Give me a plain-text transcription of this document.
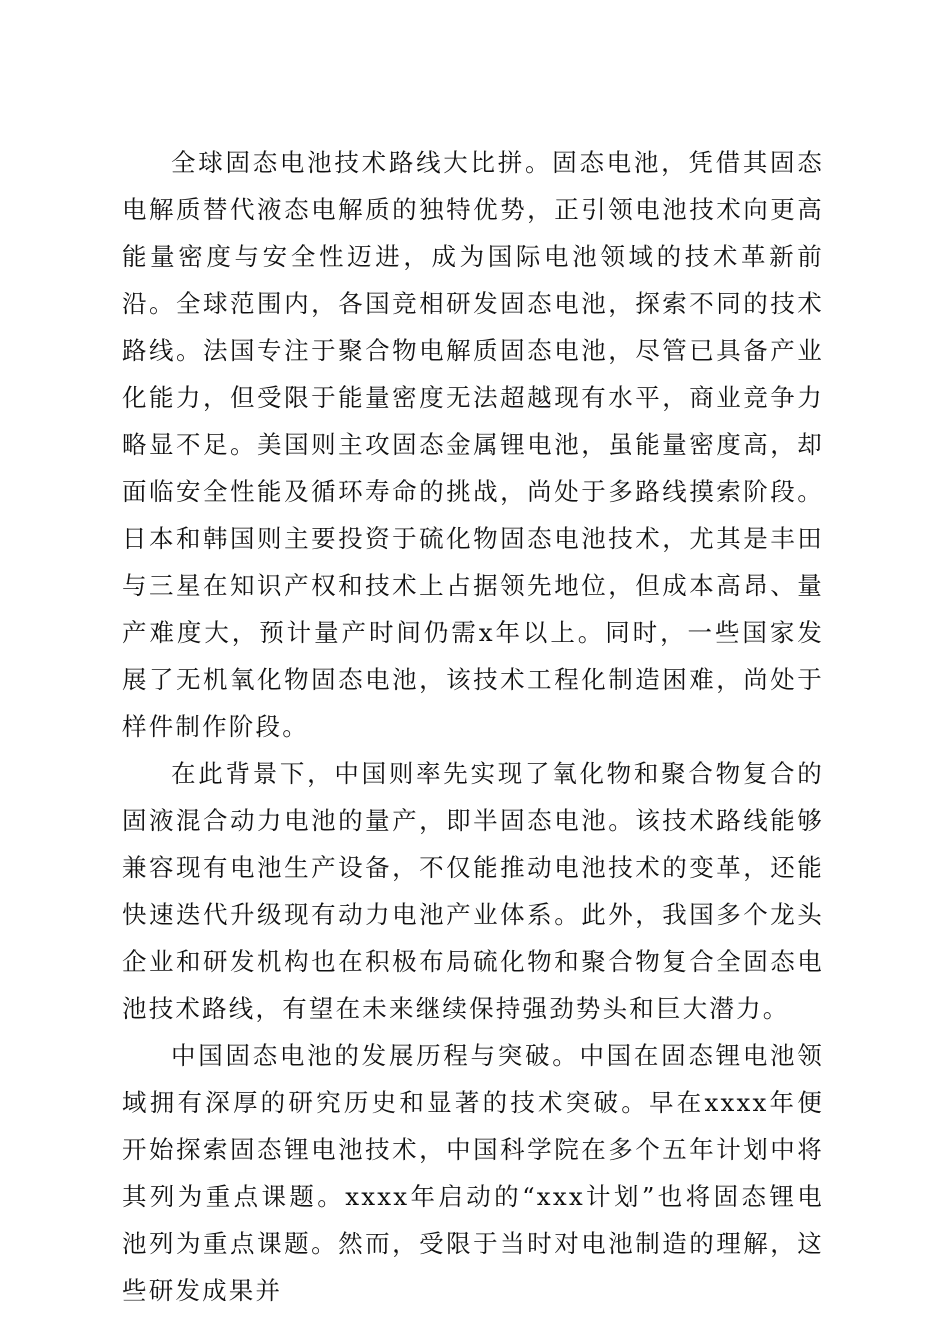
全球固态电池技术路线大比拼。固态电池，凭借其固态电解质替代液态电解质的独特优势，正引领电池技术向更高能量密度与安全性迈进，成为国际电池领域的技术革新前沿。全球范围内，各国竞相研发固态电池，探索不同的技术路线。法国专注于聚合物电解质固态电池，尽管已具备产业化能力，但受限于能量密度无法超越现有水平，商业竞争力略显不足。美国则主攻固态金属锂电池，虽能量密度高，却面临安全性能及循环寿命的挑战，尚处于多路线摸索阶段。日本和韩国则主要投资于硫化物固态电池技术，尤其是丰田与三星在知识产权和技术上占据领先地位，但成本高昂、量产难度大，预计量产时间仍需x年以上。同时，一些国家发展了无机氧化物固态电池，该技术工程化制造困难，尚处于样件制作阶段。

在此背景下，中国则率先实现了氧化物和聚合物复合的固液混合动力电池的量产，即半固态电池。该技术路线能够兼容现有电池生产设备，不仅能推动电池技术的变革，还能快速迭代升级现有动力电池产业体系。此外，我国多个龙头企业和研发机构也在积极布局硫化物和聚合物复合全固态电池技术路线，有望在未来继续保持强劲势头和巨大潜力。

中国固态电池的发展历程与突破。中国在固态锂电池领域拥有深厚的研究历史和显著的技术突破。早在xxxx年便开始探索固态锂电池技术，中国科学院在多个五年计划中将其列为重点课题。xxxx年启动的“xxx计划”也将固态锂电池列为重点课题。然而，受限于当时对电池制造的理解，这些研发成果并
